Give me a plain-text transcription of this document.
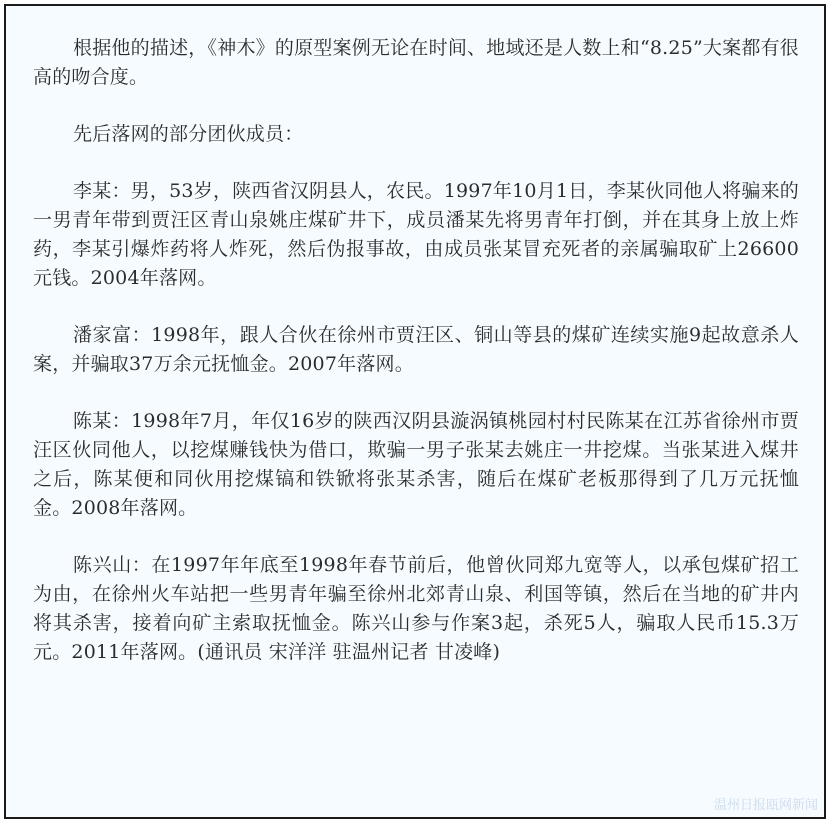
根据他的描述，《神木》的原型案例无论在时间、地域还是人数上和“8.25”大案都有很高的吻合度。

先后落网的部分团伙成员：

李某：男，53岁，陕西省汉阴县人，农民。1997年10月1日，李某伙同他人将骗来的一男青年带到贾汪区青山泉姚庄煤矿井下，成员潘某先将男青年打倒，并在其身上放上炸药，李某引爆炸药将人炸死，然后伪报事故，由成员张某冒充死者的亲属骗取矿上26600元钱。2004年落网。

潘家富：1998年，跟人合伙在徐州市贾汪区、铜山等县的煤矿连续实施9起故意杀人案，并骗取37万余元抚恤金。2007年落网。

陈某：1998年7月，年仅16岁的陕西汉阴县漩涡镇桃园村村民陈某在江苏省徐州市贾汪区伙同他人，以挖煤赚钱快为借口，欺骗一男子张某去姚庄一井挖煤。当张某进入煤井之后，陈某便和同伙用挖煤镐和铁锨将张某杀害，随后在煤矿老板那得到了几万元抚恤金。2008年落网。

陈兴山：在1997年年底至1998年春节前后，他曾伙同郑九宽等人，以承包煤矿招工为由，在徐州火车站把一些男青年骗至徐州北郊青山泉、利国等镇，然后在当地的矿井内将其杀害，接着向矿主索取抚恤金。陈兴山参与作案3起，杀死5人，骗取人民币15.3万元。2011年落网。(通讯员 宋洋洋 驻温州记者 甘凌峰)

温州日报瓯网新闻
